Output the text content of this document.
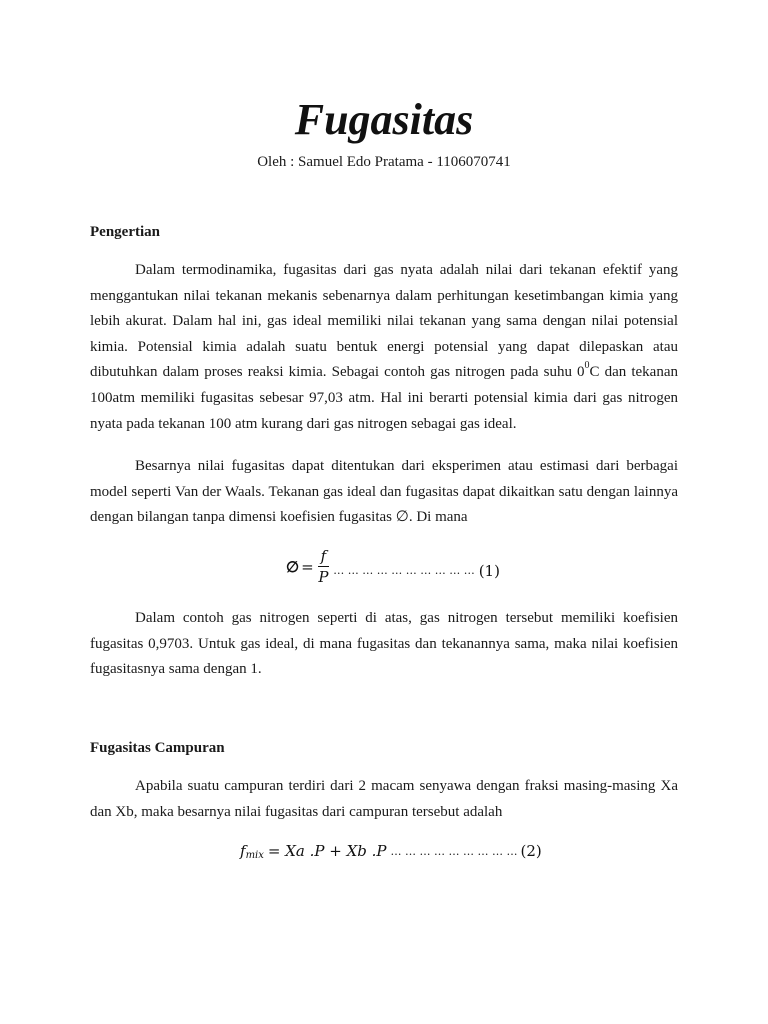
Fugasitas
Oleh : Samuel Edo Pratama - 1106070741
Pengertian

Dalam termodinamika, fugasitas dari gas nyata adalah nilai dari tekanan efektif yang menggantukan nilai tekanan mekanis sebenarnya dalam perhitungan kesetimbangan kimia yang lebih akurat. Dalam hal ini, gas ideal memiliki nilai tekanan yang sama dengan nilai potensial kimia. Potensial kimia adalah suatu bentuk energi potensial yang dapat dilepaskan atau dibutuhkan dalam proses reaksi kimia. Sebagai contoh gas nitrogen pada suhu $0^0C$ dan tekanan 100atm memiliki fugasitas sebesar 97,03 atm. Hal ini berarti potensial kimia dari gas nitrogen nyata pada tekanan 100 atm kurang dari gas nitrogen sebagai gas ideal.

Besarnya nilai fugasitas dapat ditentukan dari eksperimen atau estimasi dari berbagai model seperti Van der Waals. Tekanan gas ideal dan fugasitas dapat dikaitkan satu dengan lainnya dengan bilangan tanpa dimensi koefisien fugasitas ∅. Di mana

∅ = $\frac{f}{P}$ … … … … … … … … … … (1)

Dalam contoh gas nitrogen seperti di atas, gas nitrogen tersebut memiliki koefisien fugasitas 0,9703. Untuk gas ideal, di mana fugasitas dan tekanannya sama, maka nilai koefisien fugasitasnya sama dengan 1.

Fugasitas Campuran

Apabila suatu campuran terdiri dari 2 macam senyawa dengan fraksi masing-masing Xa dan Xb, maka besarnya nilai fugasitas dari campuran tersebut adalah

f mix = Xa .P + Xb .P … … … … … … … … … (2)
